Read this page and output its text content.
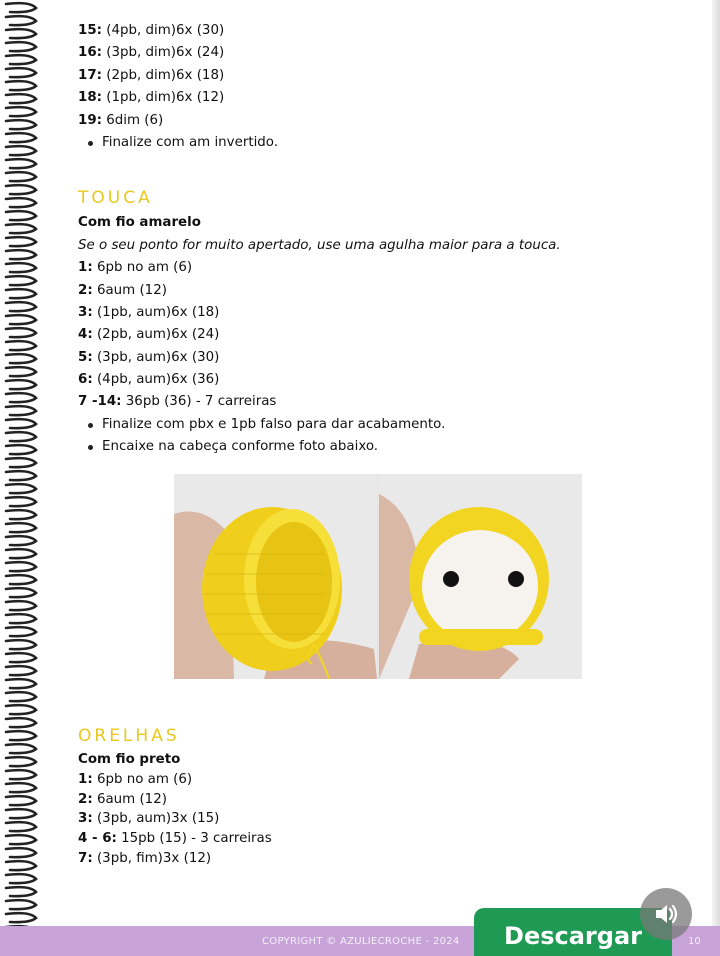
15: (4pb, dim)6x (30)
16: (3pb, dim)6x (24)
17: (2pb, dim)6x (18)
18: (1pb, dim)6x (12)
19: 6dim (6)
Finalize com am invertido.
TOUCA
Com fio amarelo
Se o seu ponto for muito apertado, use uma agulha maior para a touca.
1: 6pb no am (6)
2: 6aum (12)
3: (1pb, aum)6x (18)
4: (2pb, aum)6x (24)
5: (3pb, aum)6x (30)
6: (4pb, aum)6x (36)
7 -14: 36pb (36) - 7 carreiras
Finalize com pbx e 1pb falso para dar acabamento.
Encaixe na cabeça conforme foto abaixo.
ORELHAS
Com fio preto
1: 6pb no am (6)
2: 6aum (12)
3: (3pb, aum)3x (15)
4 - 6: 15pb (15) - 3 carreiras
7: (3pb, fim)3x (12)
COPYRIGHT © AZULIECROCHE - 2024	10
Descargar
